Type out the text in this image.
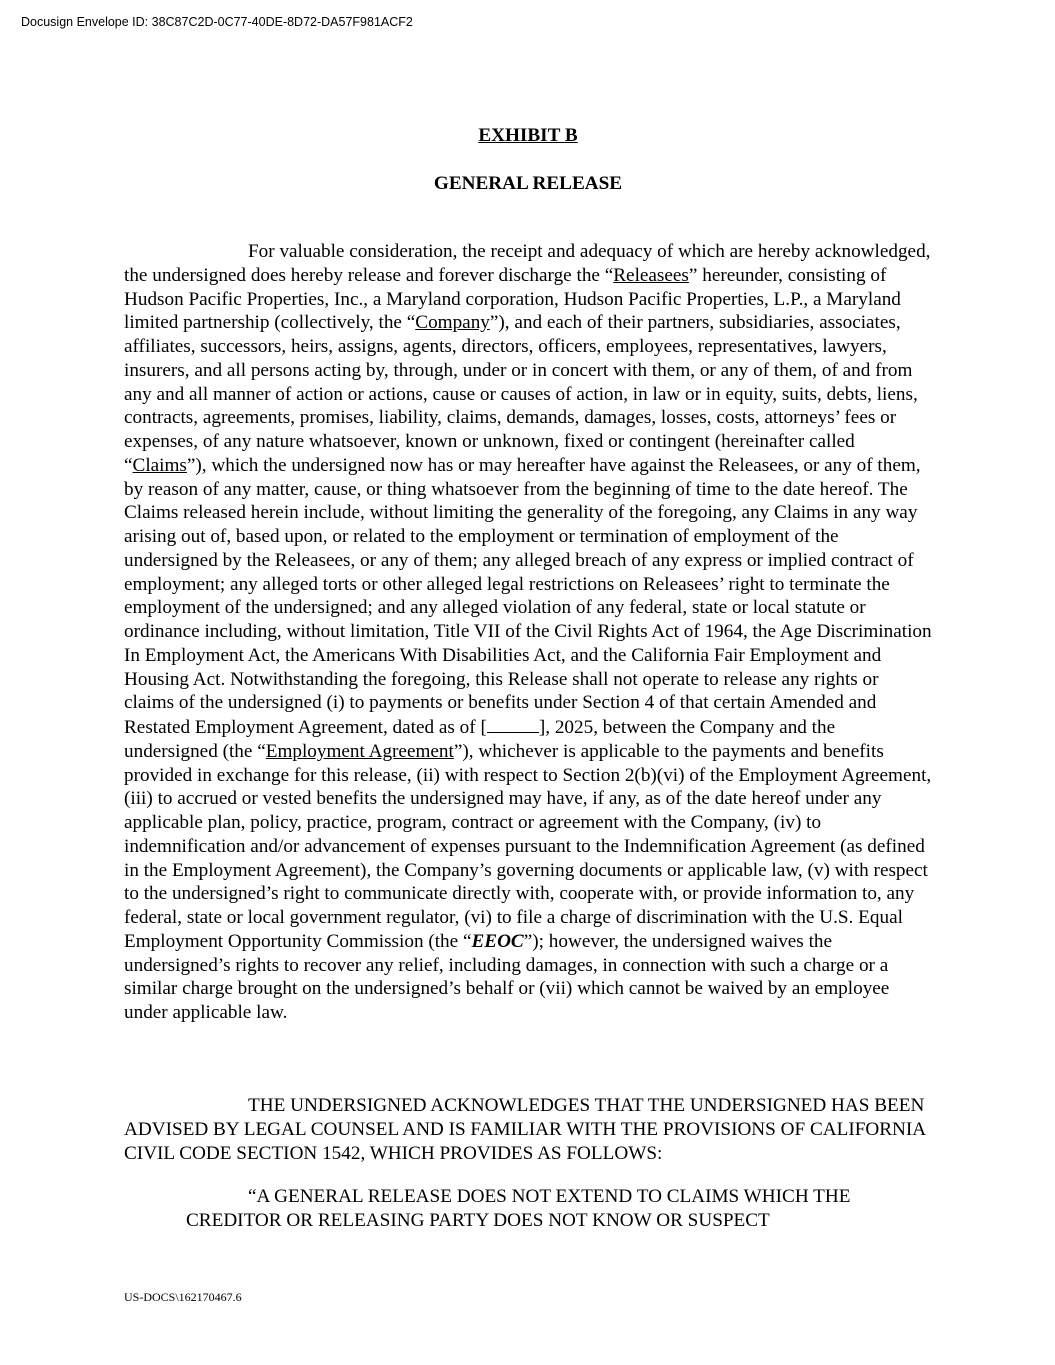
Docusign Envelope ID: 38C87C2D-0C77-40DE-8D72-DA57F981ACF2
EXHIBIT B
GENERAL RELEASE

For valuable consideration, the receipt and adequacy of which are hereby acknowledged, the undersigned does hereby release and forever discharge the “Releasees” hereunder, consisting of Hudson Pacific Properties, Inc., a Maryland corporation, Hudson Pacific Properties, L.P., a Maryland limited partnership (collectively, the “Company”), and each of their partners, subsidiaries, associates, affiliates, successors, heirs, assigns, agents, directors, officers, employees, representatives, lawyers, insurers, and all persons acting by, through, under or in concert with them, or any of them, of and from any and all manner of action or actions, cause or causes of action, in law or in equity, suits, debts, liens, contracts, agreements, promises, liability, claims, demands, damages, losses, costs, attorneys’ fees or expenses, of any nature whatsoever, known or unknown, fixed or contingent (hereinafter called “Claims”), which the undersigned now has or may hereafter have against the Releasees, or any of them, by reason of any matter, cause, or thing whatsoever from the beginning of time to the date hereof. The Claims released herein include, without limiting the generality of the foregoing, any Claims in any way arising out of, based upon, or related to the employment or termination of employment of the undersigned by the Releasees, or any of them; any alleged breach of any express or implied contract of employment; any alleged torts or other alleged legal restrictions on Releasees’ right to terminate the employment of the undersigned; and any alleged violation of any federal, state or local statute or ordinance including, without limitation, Title VII of the Civil Rights Act of 1964, the Age Discrimination In Employment Act, the Americans With Disabilities Act, and the California Fair Employment and Housing Act. Notwithstanding the foregoing, this Release shall not operate to release any rights or claims of the undersigned (i) to payments or benefits under Section 4 of that certain Amended and Restated Employment Agreement, dated as of [	], 2025, between the Company and the undersigned (the “Employment Agreement”), whichever is applicable to the payments and benefits provided in exchange for this release, (ii) with respect to Section 2(b)(vi) of the Employment Agreement, (iii) to accrued or vested benefits the undersigned may have, if any, as of the date hereof under any applicable plan, policy, practice, program, contract or agreement with the Company, (iv) to indemnification and/or advancement of expenses pursuant to the Indemnification Agreement (as defined in the Employment Agreement), the Company’s governing documents or applicable law, (v) with respect to the undersigned’s right to communicate directly with, cooperate with, or provide information to, any federal, state or local government regulator, (vi) to file a charge of discrimination with the U.S. Equal Employment Opportunity Commission (the “EEOC”); however, the undersigned waives the undersigned’s rights to recover any relief, including damages, in connection with such a charge or a similar charge brought on the undersigned’s behalf or (vii) which cannot be waived by an employee under applicable law.

THE UNDERSIGNED ACKNOWLEDGES THAT THE UNDERSIGNED HAS BEEN ADVISED BY LEGAL COUNSEL AND IS FAMILIAR WITH THE PROVISIONS OF CALIFORNIA CIVIL CODE SECTION 1542, WHICH PROVIDES AS FOLLOWS:

“A GENERAL RELEASE DOES NOT EXTEND TO CLAIMS WHICH THE CREDITOR OR RELEASING PARTY DOES NOT KNOW OR SUSPECT

US-DOCS\162170467.6
